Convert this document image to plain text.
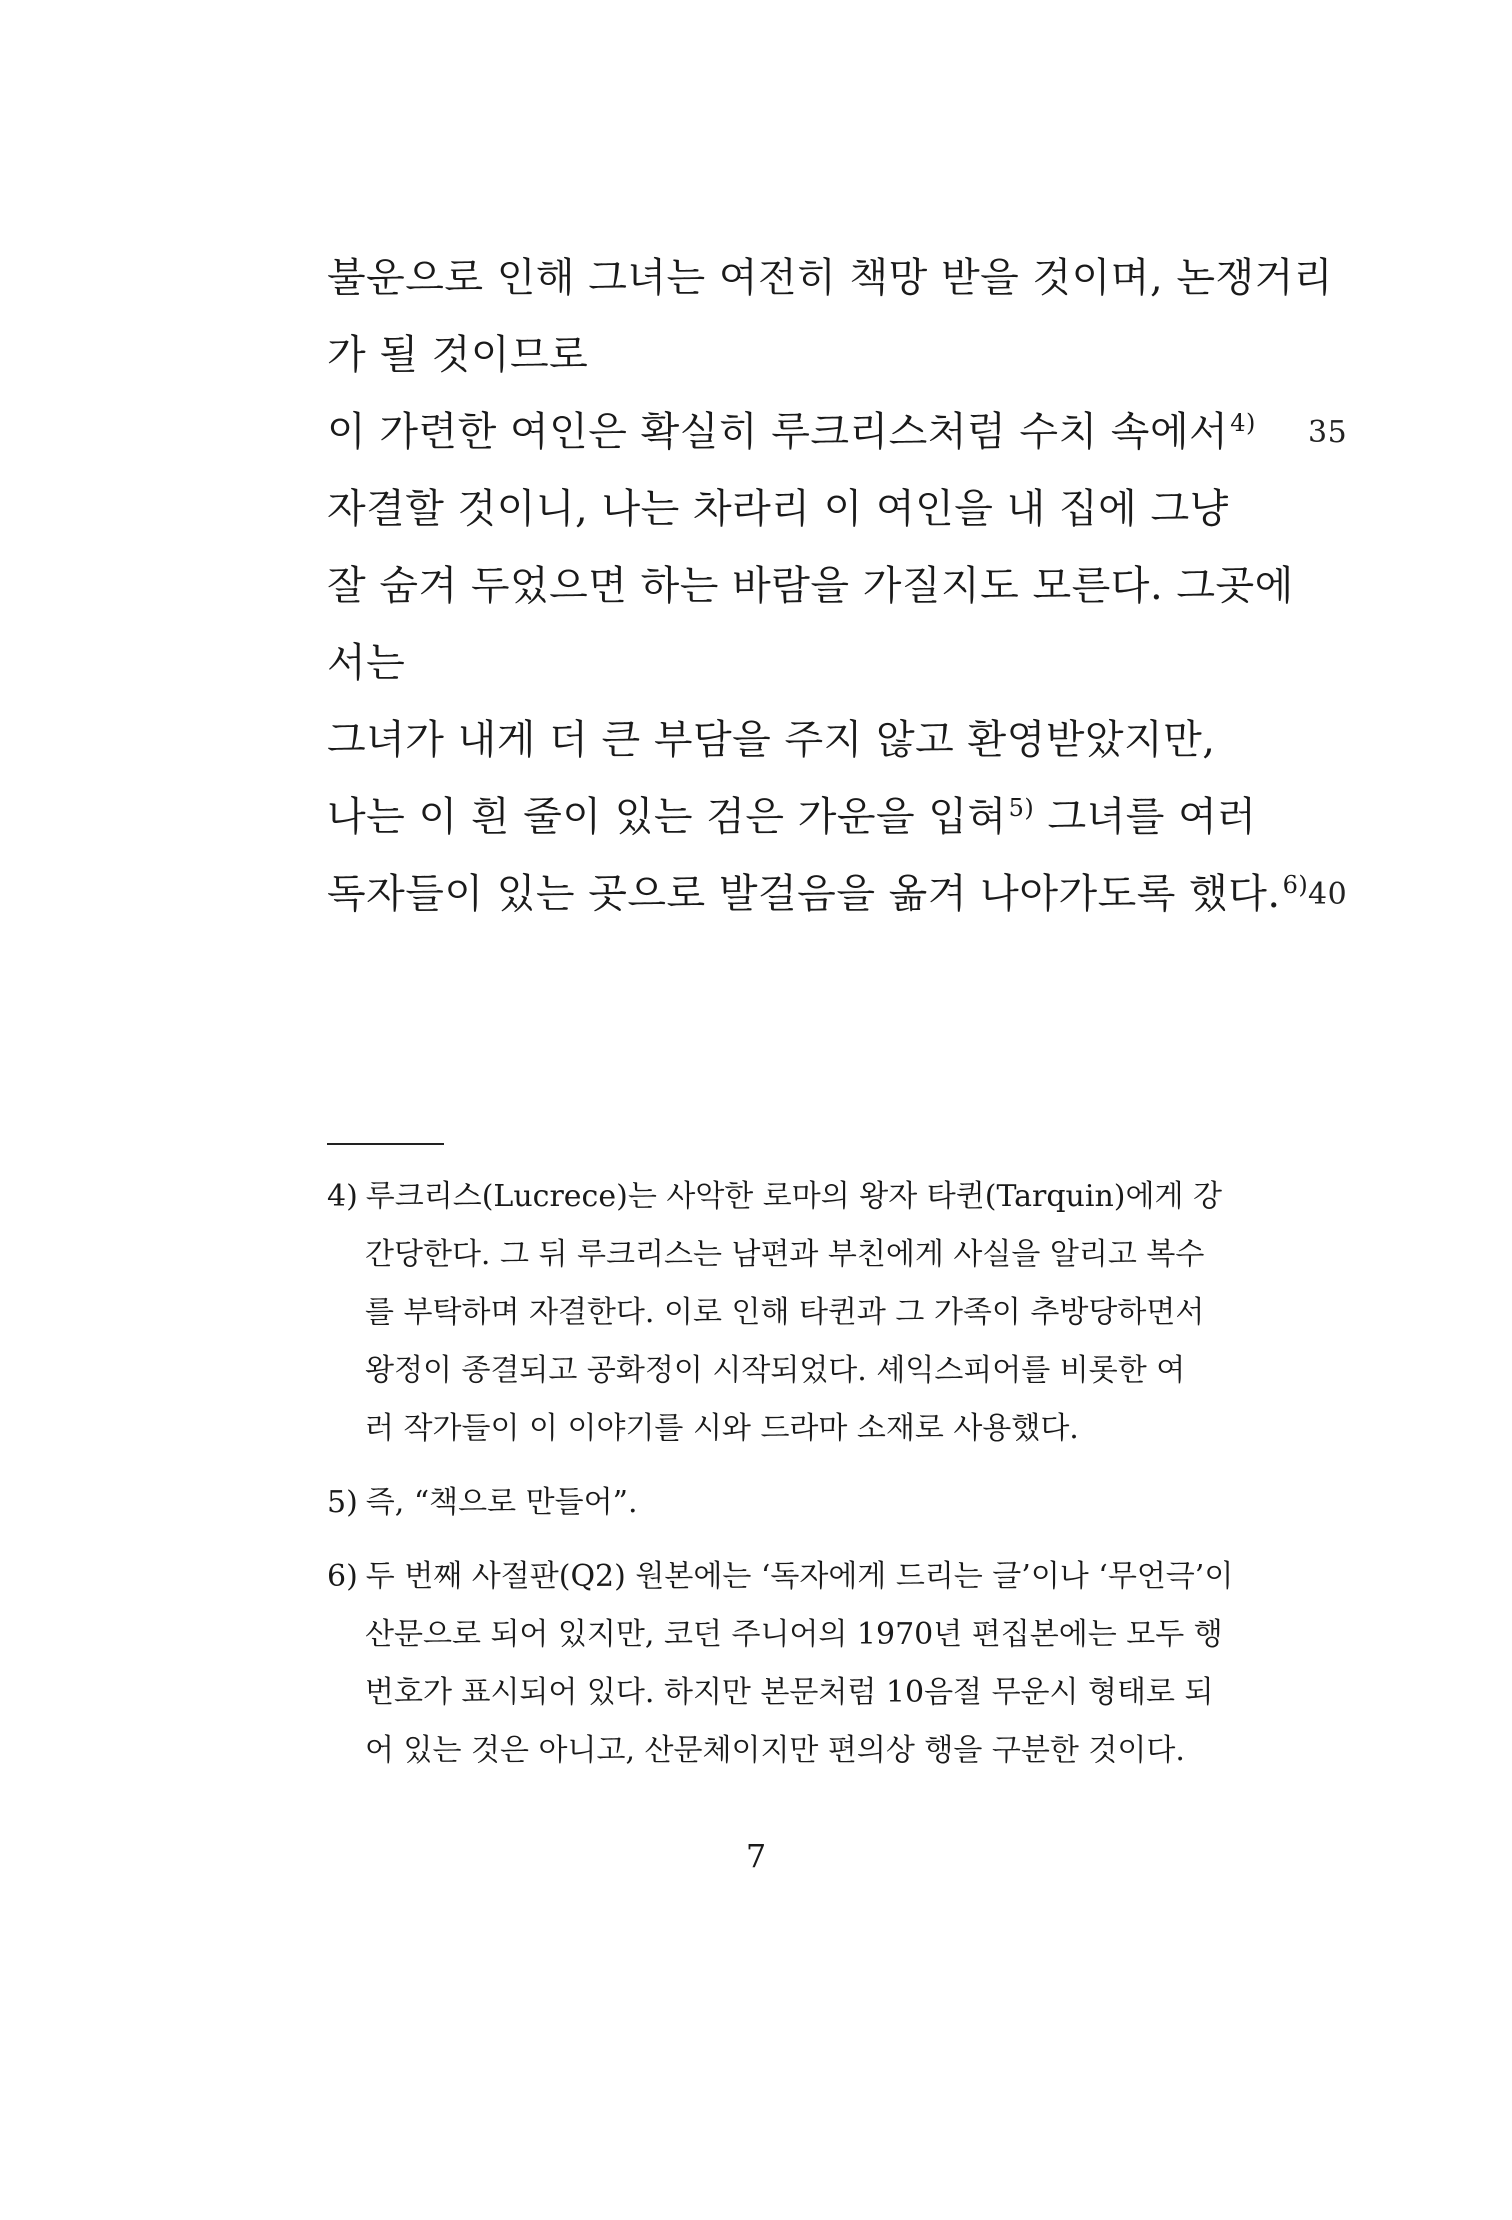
불운으로 인해 그녀는 여전히 책망 받을 것이며, 논쟁거리
가 될 것이므로
이 가련한 여인은 확실히 루크리스처럼 수치 속에서$^{4)}$ 35
자결할 것이니, 나는 차라리 이 여인을 내 집에 그냥
잘 숨겨 두었으면 하는 바람을 가질지도 모른다. 그곳에
서는
그녀가 내게 더 큰 부담을 주지 않고 환영받았지만,
나는 이 흰 줄이 있는 검은 가운을 입혀$^{5)}$ 그녀를 여러
독자들이 있는 곳으로 발걸음을 옮겨 나아가도록 했다.$^{6)}$ 40
4) 루크리스(Lucrece)는 사악한 로마의 왕자 타퀸(Tarquin)에게 강
간당한다. 그 뒤 루크리스는 남편과 부친에게 사실을 알리고 복수
를 부탁하며 자결한다. 이로 인해 타퀸과 그 가족이 추방당하면서
왕정이 종결되고 공화정이 시작되었다. 셰익스피어를 비롯한 여
러 작가들이 이 이야기를 시와 드라마 소재로 사용했다.
5) 즉, “책으로 만들어”.
6) 두 번째 사절판(Q2) 원본에는 ‘독자에게 드리는 글’이나 ‘무언극’이
산문으로 되어 있지만, 코던 주니어의 1970년 편집본에는 모두 행
번호가 표시되어 있다. 하지만 본문처럼 10음절 무운시 형태로 되
어 있는 것은 아니고, 산문체이지만 편의상 행을 구분한 것이다.
7
